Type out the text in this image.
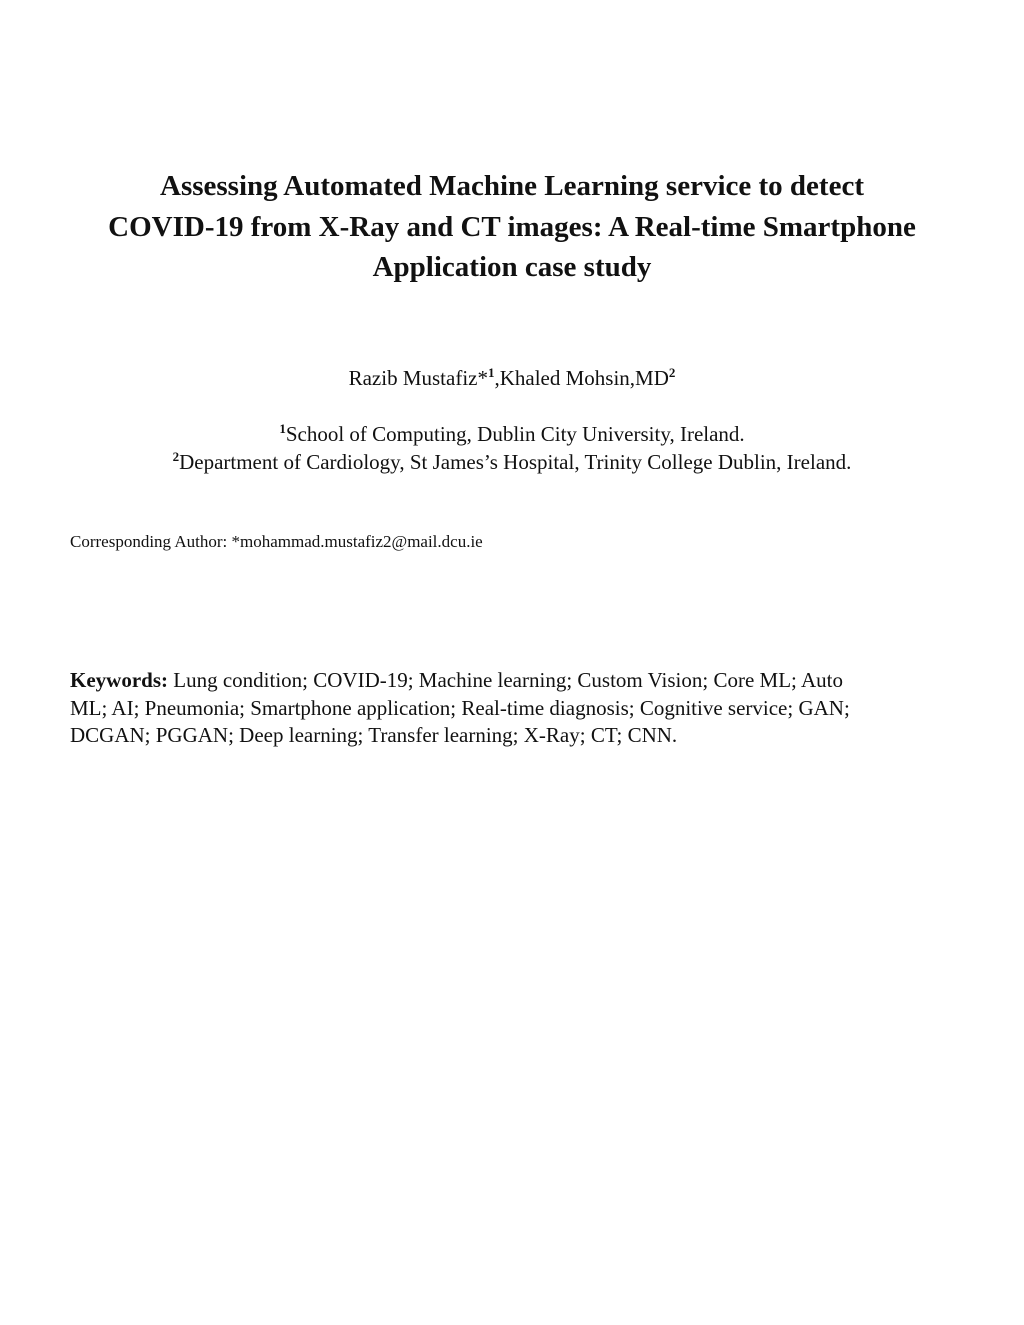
Assessing Automated Machine Learning service to detect
COVID-19 from X-Ray and CT images: A Real-time Smartphone
Application case study
Razib Mustafiz*$^1$,Khaled $Mohsin,MD^2$
$^1$School of Computing, Dublin City University, Ireland.
$^2$Department of Cardiology, St James’s Hospital, Trinity College Dublin, Ireland.
Corresponding Author: *mohammad.mustafiz2@mail.dcu.ie
Keywords: Lung condition; COVID-19; Machine learning; Custom Vision; Core ML; Auto
ML; AI; Pneumonia; Smartphone application; Real-time diagnosis; Cognitive service; GAN;
DCGAN; PGGAN; Deep learning; Transfer learning; X-Ray; CT; CNN.
